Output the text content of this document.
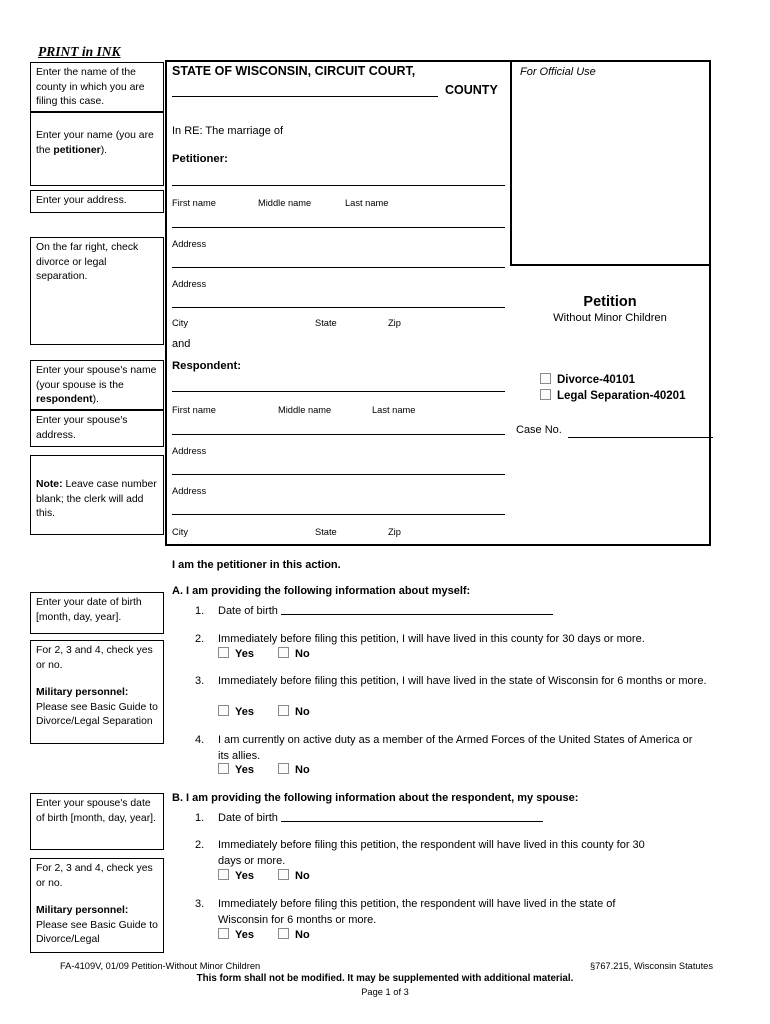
PRINT in INK
For Official Use
Enter the name of the county in which you are filing this case.
Enter your name (you are the petitioner).
Enter your address.
On the far right, check divorce or legal separation.
Enter your spouse's name (your spouse is the respondent).
Enter your spouse's address.
Note: Leave case number blank; the clerk will add this.
Enter your date of birth [month, day, year].
For 2, 3 and 4, check yes or no.
Military personnel:
Please see Basic Guide to Divorce/Legal Separation
Enter your spouse's date of birth [month, day, year].
For 2, 3 and 4, check yes or no.
Military personnel:
Please see Basic Guide to Divorce/Legal
STATE OF WISCONSIN, CIRCUIT COURT,
COUNTY
In RE: The marriage of
Petitioner:
First name	Middle name	Last name
Address
Address
City	State	Zip
and
Respondent:
First name	Middle name	Last name
Address
Address
City	State	Zip
Petition
Without Minor Children
Divorce-40101
Legal Separation-40201
Case No.
I am the petitioner in this action.
A. I am providing the following information about myself:
1. Date of birth
2. Immediately before filing this petition, I will have lived in this county for 30 days or more.
Yes	No
3. Immediately before filing this petition, I will have lived in the state of Wisconsin for 6 months or more.
Yes	No
4. I am currently on active duty as a member of the Armed Forces of the United States of America or its allies.
Yes	No
B. I am providing the following information about the respondent, my spouse:
1. Date of birth
2. Immediately before filing this petition, the respondent will have lived in this county for 30 days or more.
Yes	No
3. Immediately before filing this petition, the respondent will have lived in the state of Wisconsin for 6 months or more.
Yes	No
FA-4109V, 01/09 Petition-Without Minor Children	§767.215, Wisconsin Statutes
This form shall not be modified. It may be supplemented with additional material.
Page 1 of 3
